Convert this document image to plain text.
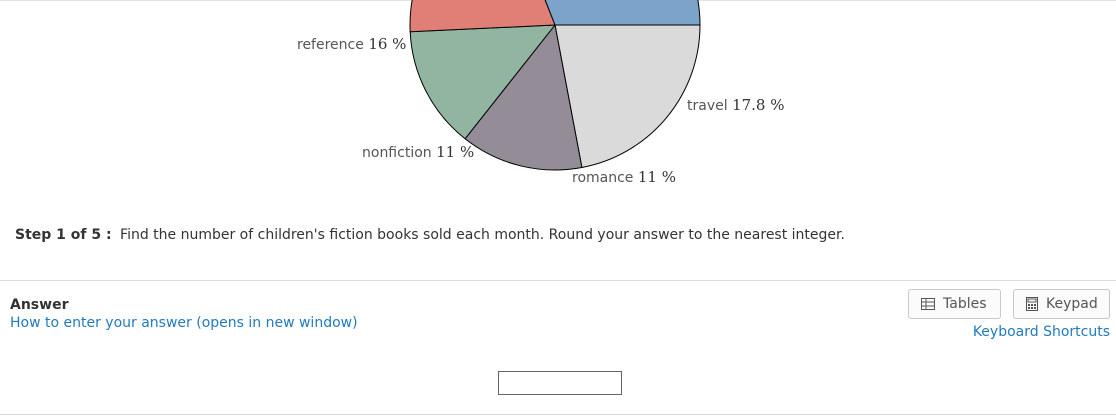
reference 16 %
travel 17.8 %
nonfiction 11 %
romance 11 %
Step 1 of 5 : Find the number of children's fiction books sold each month. Round your answer to the nearest integer.
Answer
How to enter your answer (opens in new window)
Tables	Keypad
Keyboard Shortcuts
